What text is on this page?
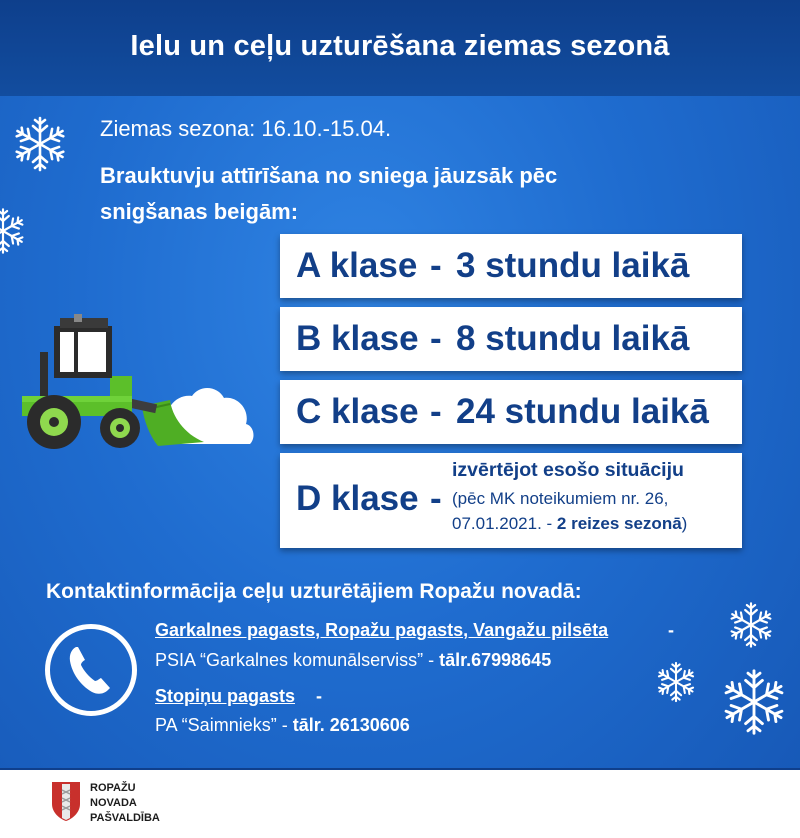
Ielu un ceļu uzturēšana ziemas sezonā
Ziemas sezona: 16.10.-15.04.
Brauktuvju attīrīšana no sniega jāuzsāk pēc snigšanas beigām:
A klase - 3 stundu laikā
B klase - 8 stundu laikā
C klase - 24 stundu laikā
D klase -
izvērtējot esošo situāciju
(pēc MK noteikumiem nr. 26,
07.01.2021. - 2 reizes sezonā)
Kontaktinformācija ceļu uzturētājiem Ropažu novadā:
Garkalnes pagasts, Ropažu pagasts, Vangažu pilsēta	-
PSIA “Garkalnes komunālserviss” - tālr.67998645
Stopiņu pagasts -
PA “Saimnieks” - tālr. 26130606
ROPAŽU
NOVADA
PAŠVALDĪBA
